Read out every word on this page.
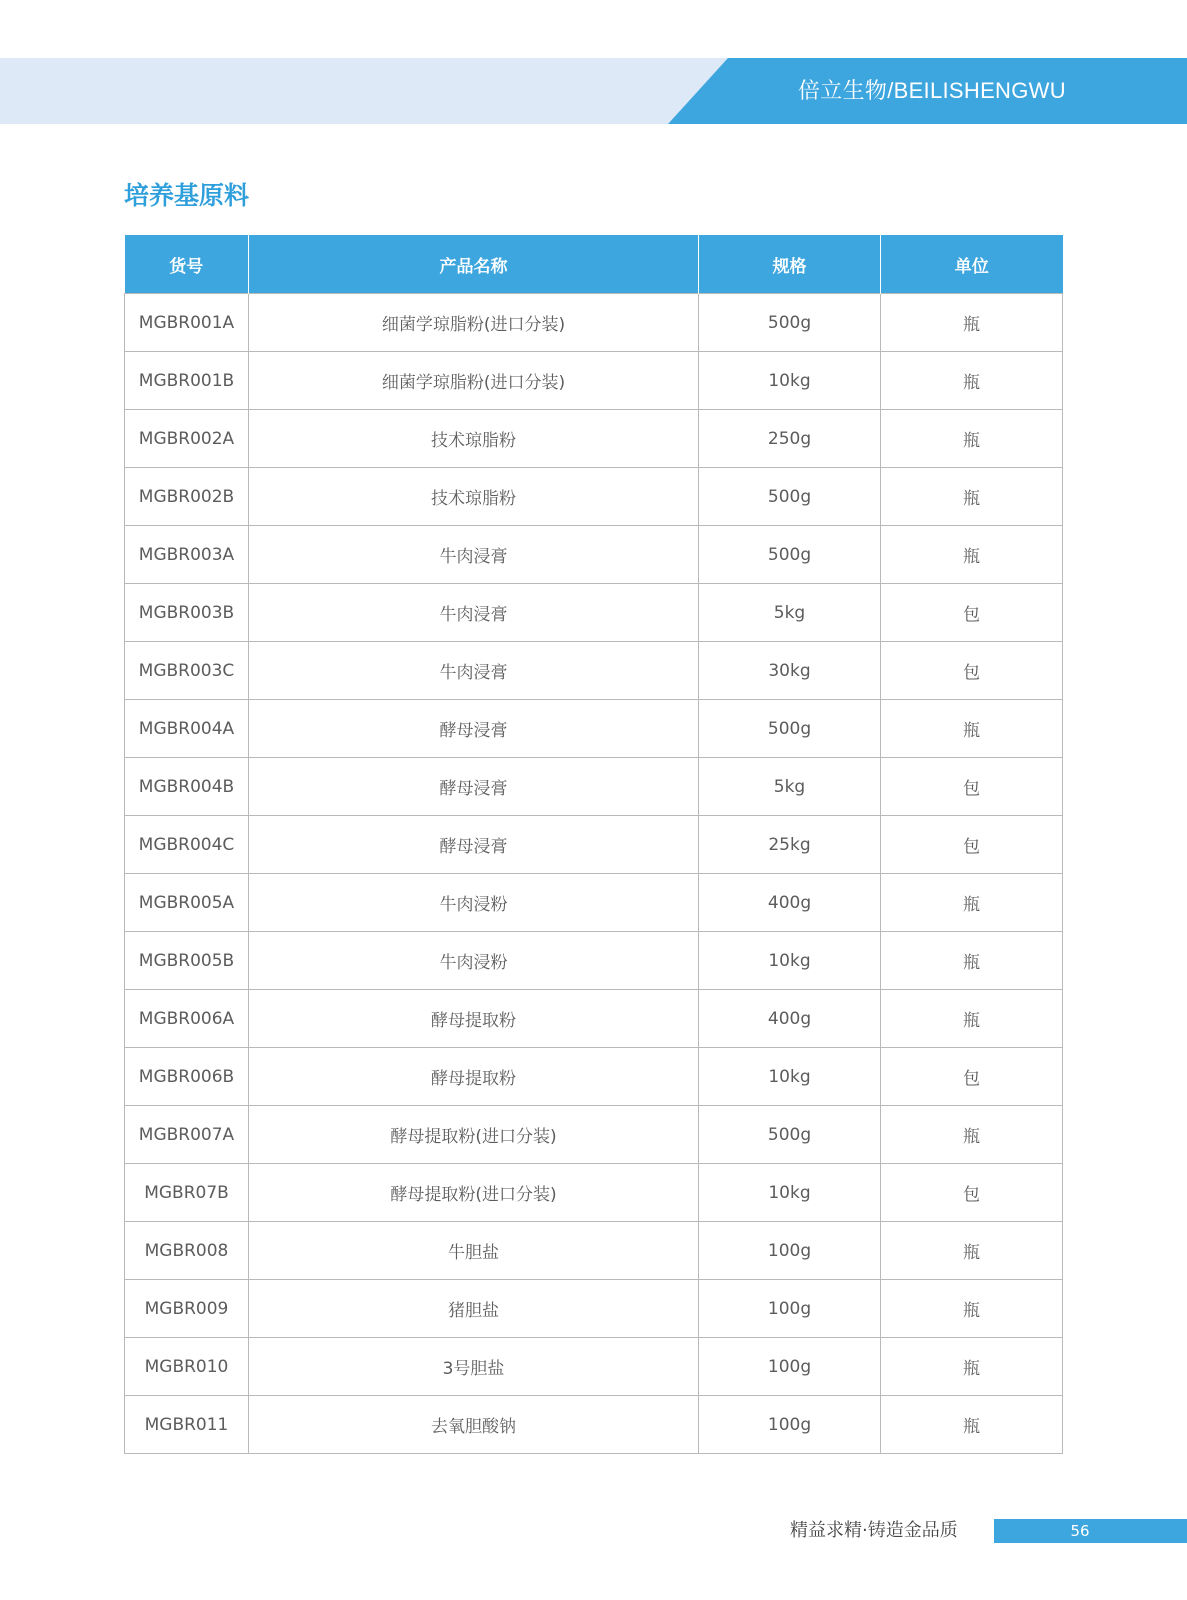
倍立生物/BEILISHENGWU
培养基原料
货号	产品名称	规格	单位
MGBR001A	细菌学琼脂粉(进口分装)	500g	瓶
MGBR001B	细菌学琼脂粉(进口分装)	10kg	瓶
MGBR002A	技术琼脂粉	250g	瓶
MGBR002B	技术琼脂粉	500g	瓶
MGBR003A	牛肉浸膏	500g	瓶
MGBR003B	牛肉浸膏	5kg	包
MGBR003C	牛肉浸膏	30kg	包
MGBR004A	酵母浸膏	500g	瓶
MGBR004B	酵母浸膏	5kg	包
MGBR004C	酵母浸膏	25kg	包
MGBR005A	牛肉浸粉	400g	瓶
MGBR005B	牛肉浸粉	10kg	瓶
MGBR006A	酵母提取粉	400g	瓶
MGBR006B	酵母提取粉	10kg	包
MGBR007A	酵母提取粉(进口分装)	500g	瓶
MGBR07B	酵母提取粉(进口分装)	10kg	包
MGBR008	牛胆盐	100g	瓶
MGBR009	猪胆盐	100g	瓶
MGBR010	3号胆盐	100g	瓶
MGBR011	去氧胆酸钠	100g	瓶
精益求精·铸造金品质	56
